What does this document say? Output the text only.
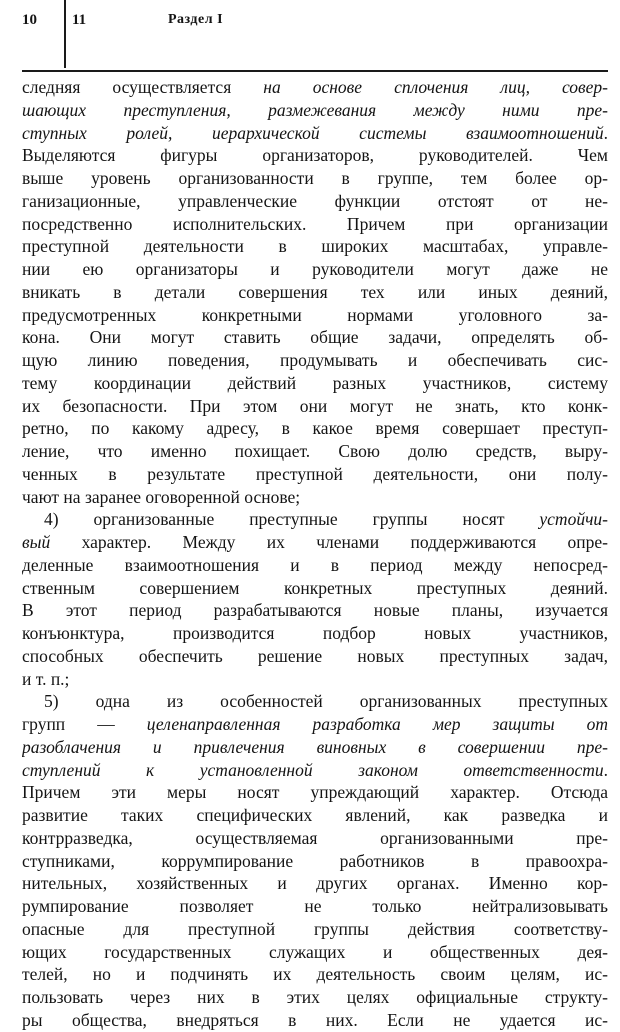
10 11	Раздел I
следняя осуществляется на основе сплочения лиц, совер-
шающих преступления, размежевания между ними пре-
ступных ролей, иерархической системы взаимоотношений.
Выделяются фигуры организаторов, руководителей. Чем
выше уровень организованности в группе, тем более ор-
ганизационные, управленческие функции отстоят от не-
посредственно исполнительских. Причем при организации
преступной деятельности в широких масштабах, управле-
нии ею организаторы и руководители могут даже не
вникать в детали совершения тех или иных деяний,
предусмотренных конкретными нормами уголовного за-
кона. Они могут ставить общие задачи, определять об-
щую линию поведения, продумывать и обеспечивать сис-
тему координации действий разных участников, систему
их безопасности. При этом они могут не знать, кто конк-
ретно, по какому адресу, в какое время совершает преступ-
ление, что именно похищает. Свою долю средств, выру-
ченных в результате преступной деятельности, они полу-
чают на заранее оговоренной основе;
4) организованные преступные группы носят устойчи-
вый характер. Между их членами поддерживаются опре-
деленные взаимоотношения и в период между непосред-
ственным совершением конкретных преступных деяний.
В этот период разрабатываются новые планы, изучается
конъюнктура, производится подбор новых участников,
способных обеспечить решение новых преступных задач,
и т. п.;
5) одна из особенностей организованных преступных
групп — целенаправленная разработка мер защиты от
разоблачения и привлечения виновных в совершении пре-
ступлений к установленной законом ответственности.
Причем эти меры носят упреждающий характер. Отсюда
развитие таких специфических явлений, как разведка и
контрразведка, осуществляемая организованными пре-
ступниками, коррумпирование работников в правоохра-
нительных, хозяйственных и других органах. Именно кор-
румпирование позволяет не только нейтрализовывать
опасные для преступной группы действия соответству-
ющих государственных служащих и общественных дея-
телей, но и подчинять их деятельность своим целям, ис-
пользовать через них в этих целях официальные структу-
ры общества, внедряться в них. Если не удается ис-
